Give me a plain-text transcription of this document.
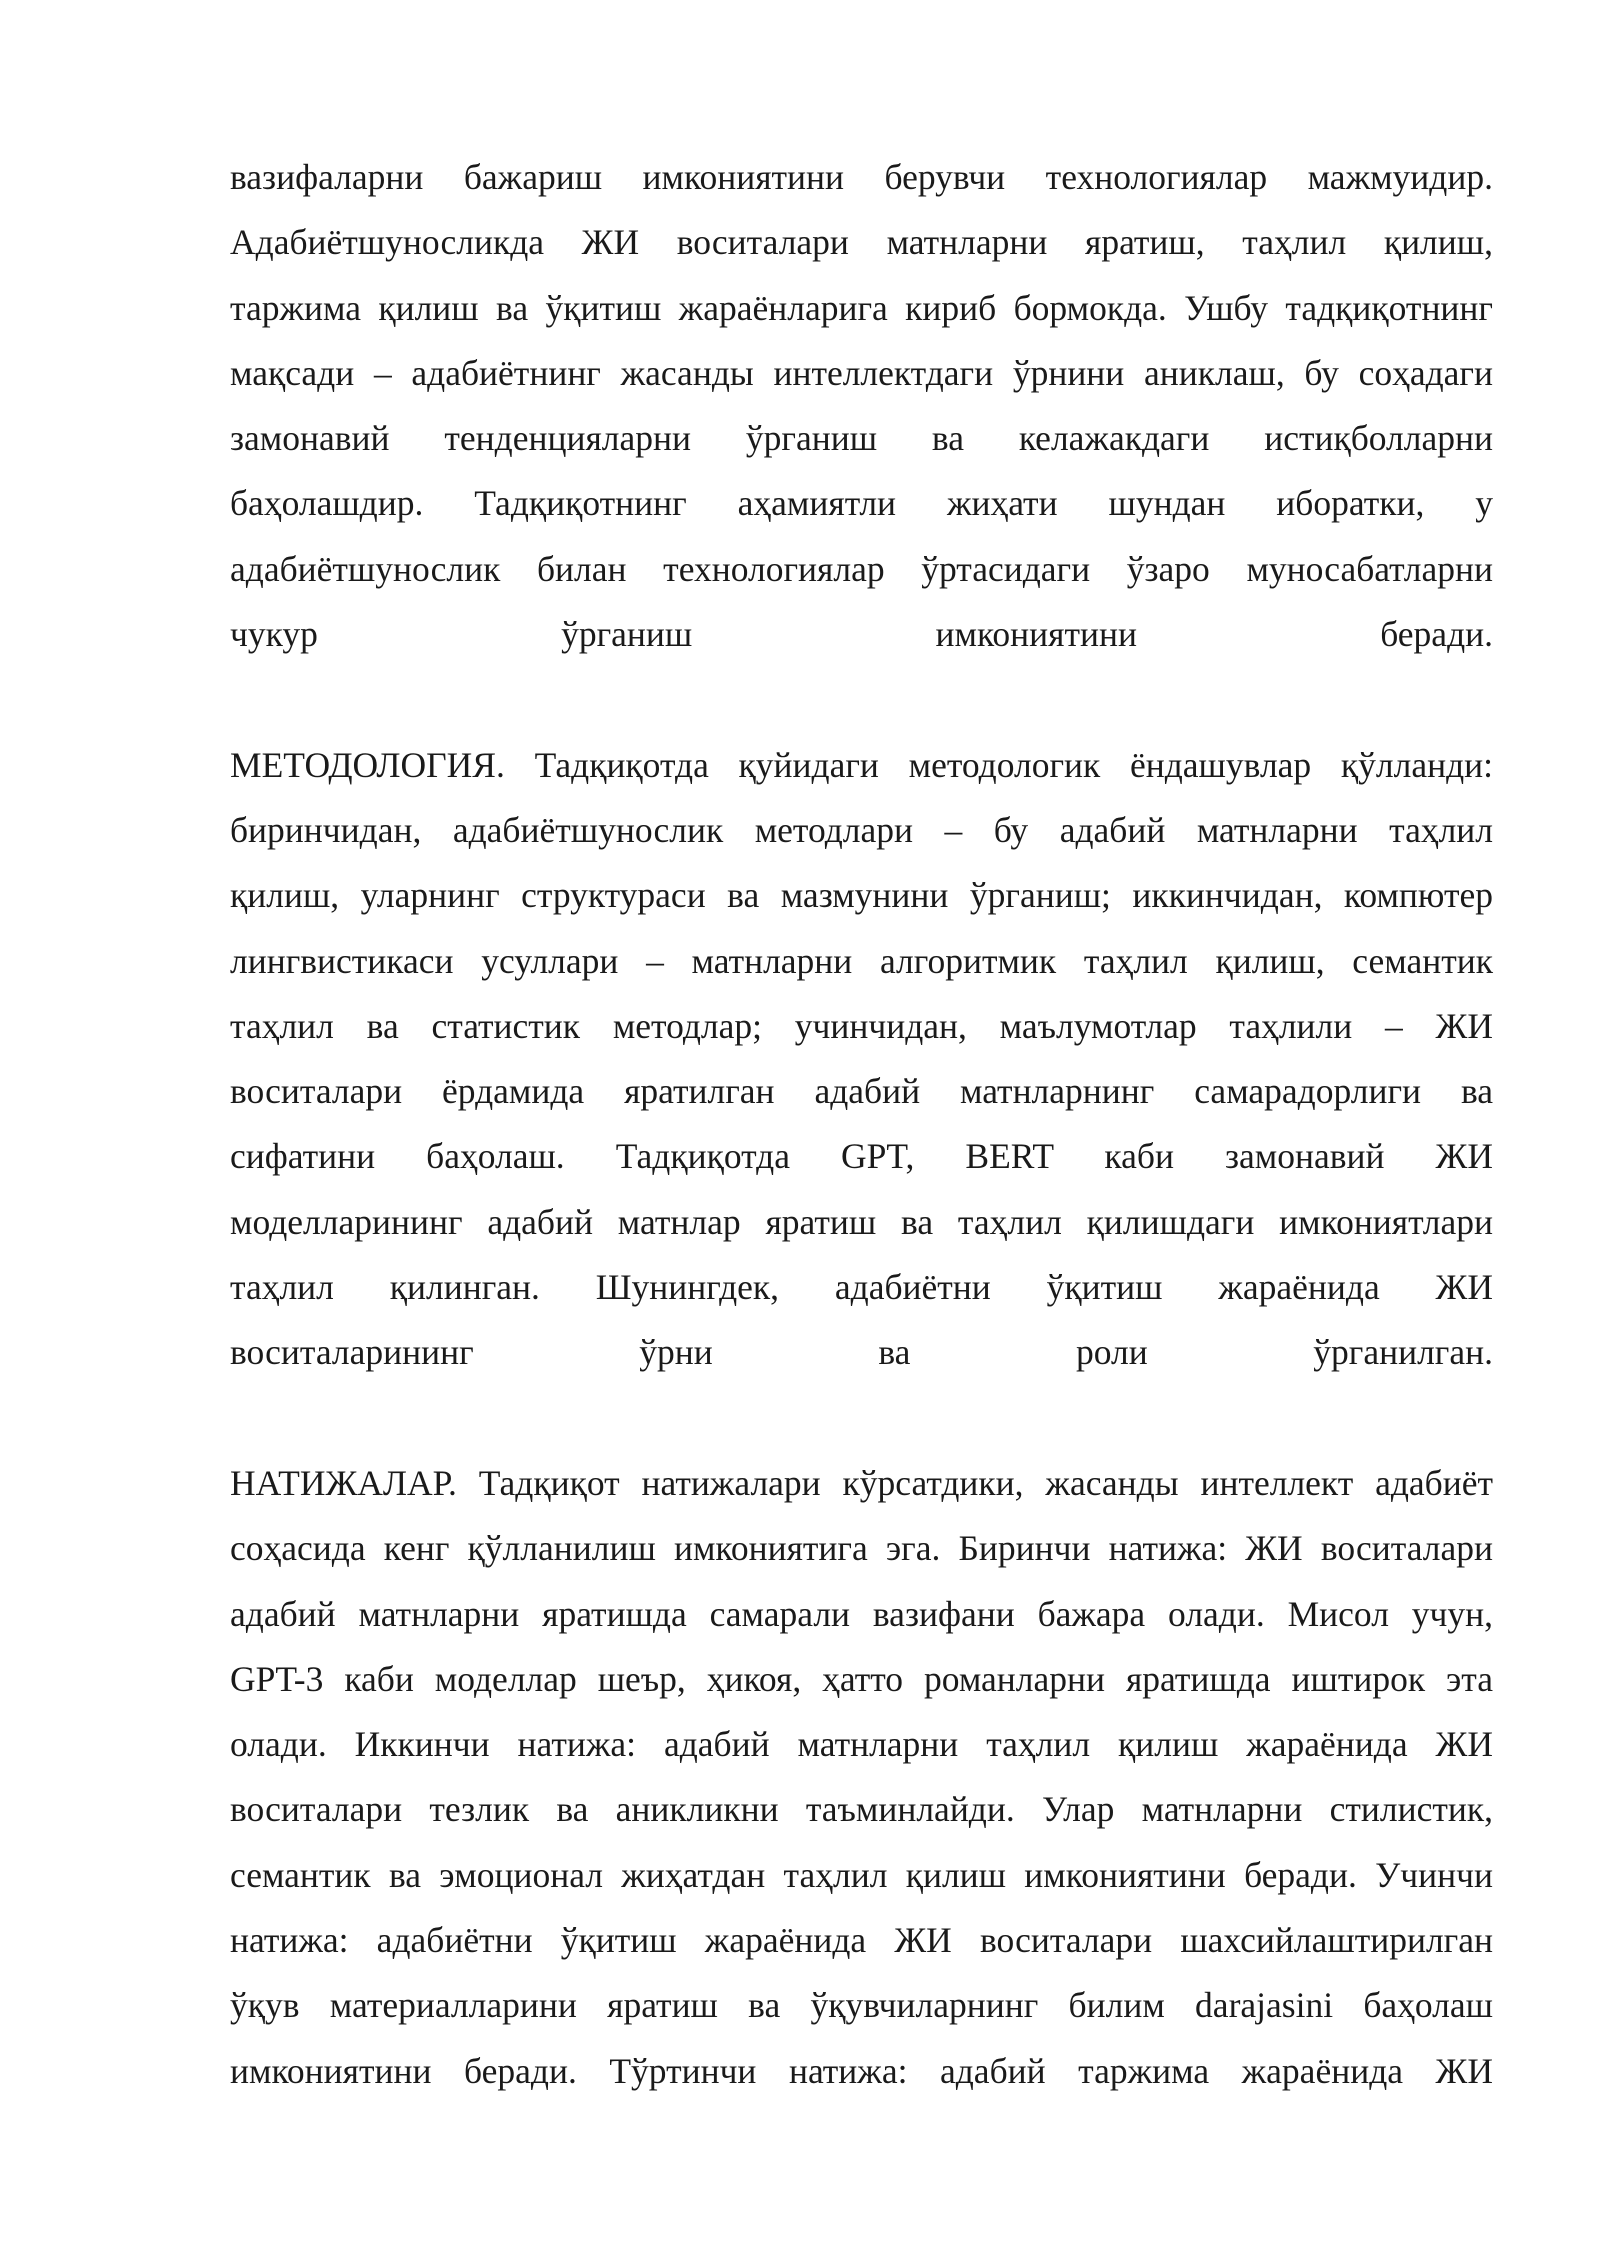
вазифаларни бажариш имкониятини берувчи технологиялар мажмуидир.
Адабиётшуносликда ЖИ воситалари матнларни яратиш, таҳлил қилиш,
таржима қилиш ва ўқитиш жараёнларига кириб бормокда. Ушбу тадқиқотнинг
мақсади – адабиётнинг жасанды интеллектдаги ўрнини аниклаш, бу соҳадаги
замонавий тенденцияларни ўрганиш ва келажакдаги истиқболларни
баҳолашдир. Тадқиқотнинг аҳамиятли жиҳати шундан иборатки, у
адабиётшунослик билан технологиялар ўртасидаги ўзаро муносабатларни
чукур ўрганиш имкониятини беради.
МЕТОДОЛОГИЯ. Тадқиқотда қуйидаги методологик ёндашувлар қўлланди:
биринчидан, адабиётшунослик методлари – бу адабий матнларни таҳлил
қилиш, уларнинг структураси ва мазмунини ўрганиш; иккинчидан, компютер
лингвистикаси усуллари – матнларни алгоритмик таҳлил қилиш, семантик
таҳлил ва статистик методлар; учинчидан, маълумотлар таҳлили – ЖИ
воситалари ёрдамида яратилган адабий матнларнинг самарадорлиги ва
сифатини баҳолаш. Тадқиқотда GPT, BERT каби замонавий ЖИ
моделларининг адабий матнлар яратиш ва таҳлил қилишдаги имкониятлари
таҳлил қилинган. Шунингдек, адабиётни ўқитиш жараёнида ЖИ
воситаларининг ўрни ва роли ўрганилган.
НАТИЖАЛАР. Тадқиқот натижалари кўрсатдики, жасанды интеллект адабиёт
соҳасида кенг қўлланилиш имкониятига эга. Биринчи натижа: ЖИ воситалари
адабий матнларни яратишда самарали вазифани бажара олади. Мисол учун,
GPT-3 каби моделлар шеър, ҳикоя, ҳатто романларни яратишда иштирок эта
олади. Иккинчи натижа: адабий матнларни таҳлил қилиш жараёнида ЖИ
воситалари тезлик ва аникликни таъминлайди. Улар матнларни стилистик,
семантик ва эмоционал жиҳатдан таҳлил қилиш имкониятини беради. Учинчи
натижа: адабиётни ўқитиш жараёнида ЖИ воситалари шахсийлаштирилган
ўқув материалларини яратиш ва ўқувчиларнинг билим darajasini баҳолаш
имкониятини беради. Тўртинчи натижа: адабий таржима жараёнида ЖИ
